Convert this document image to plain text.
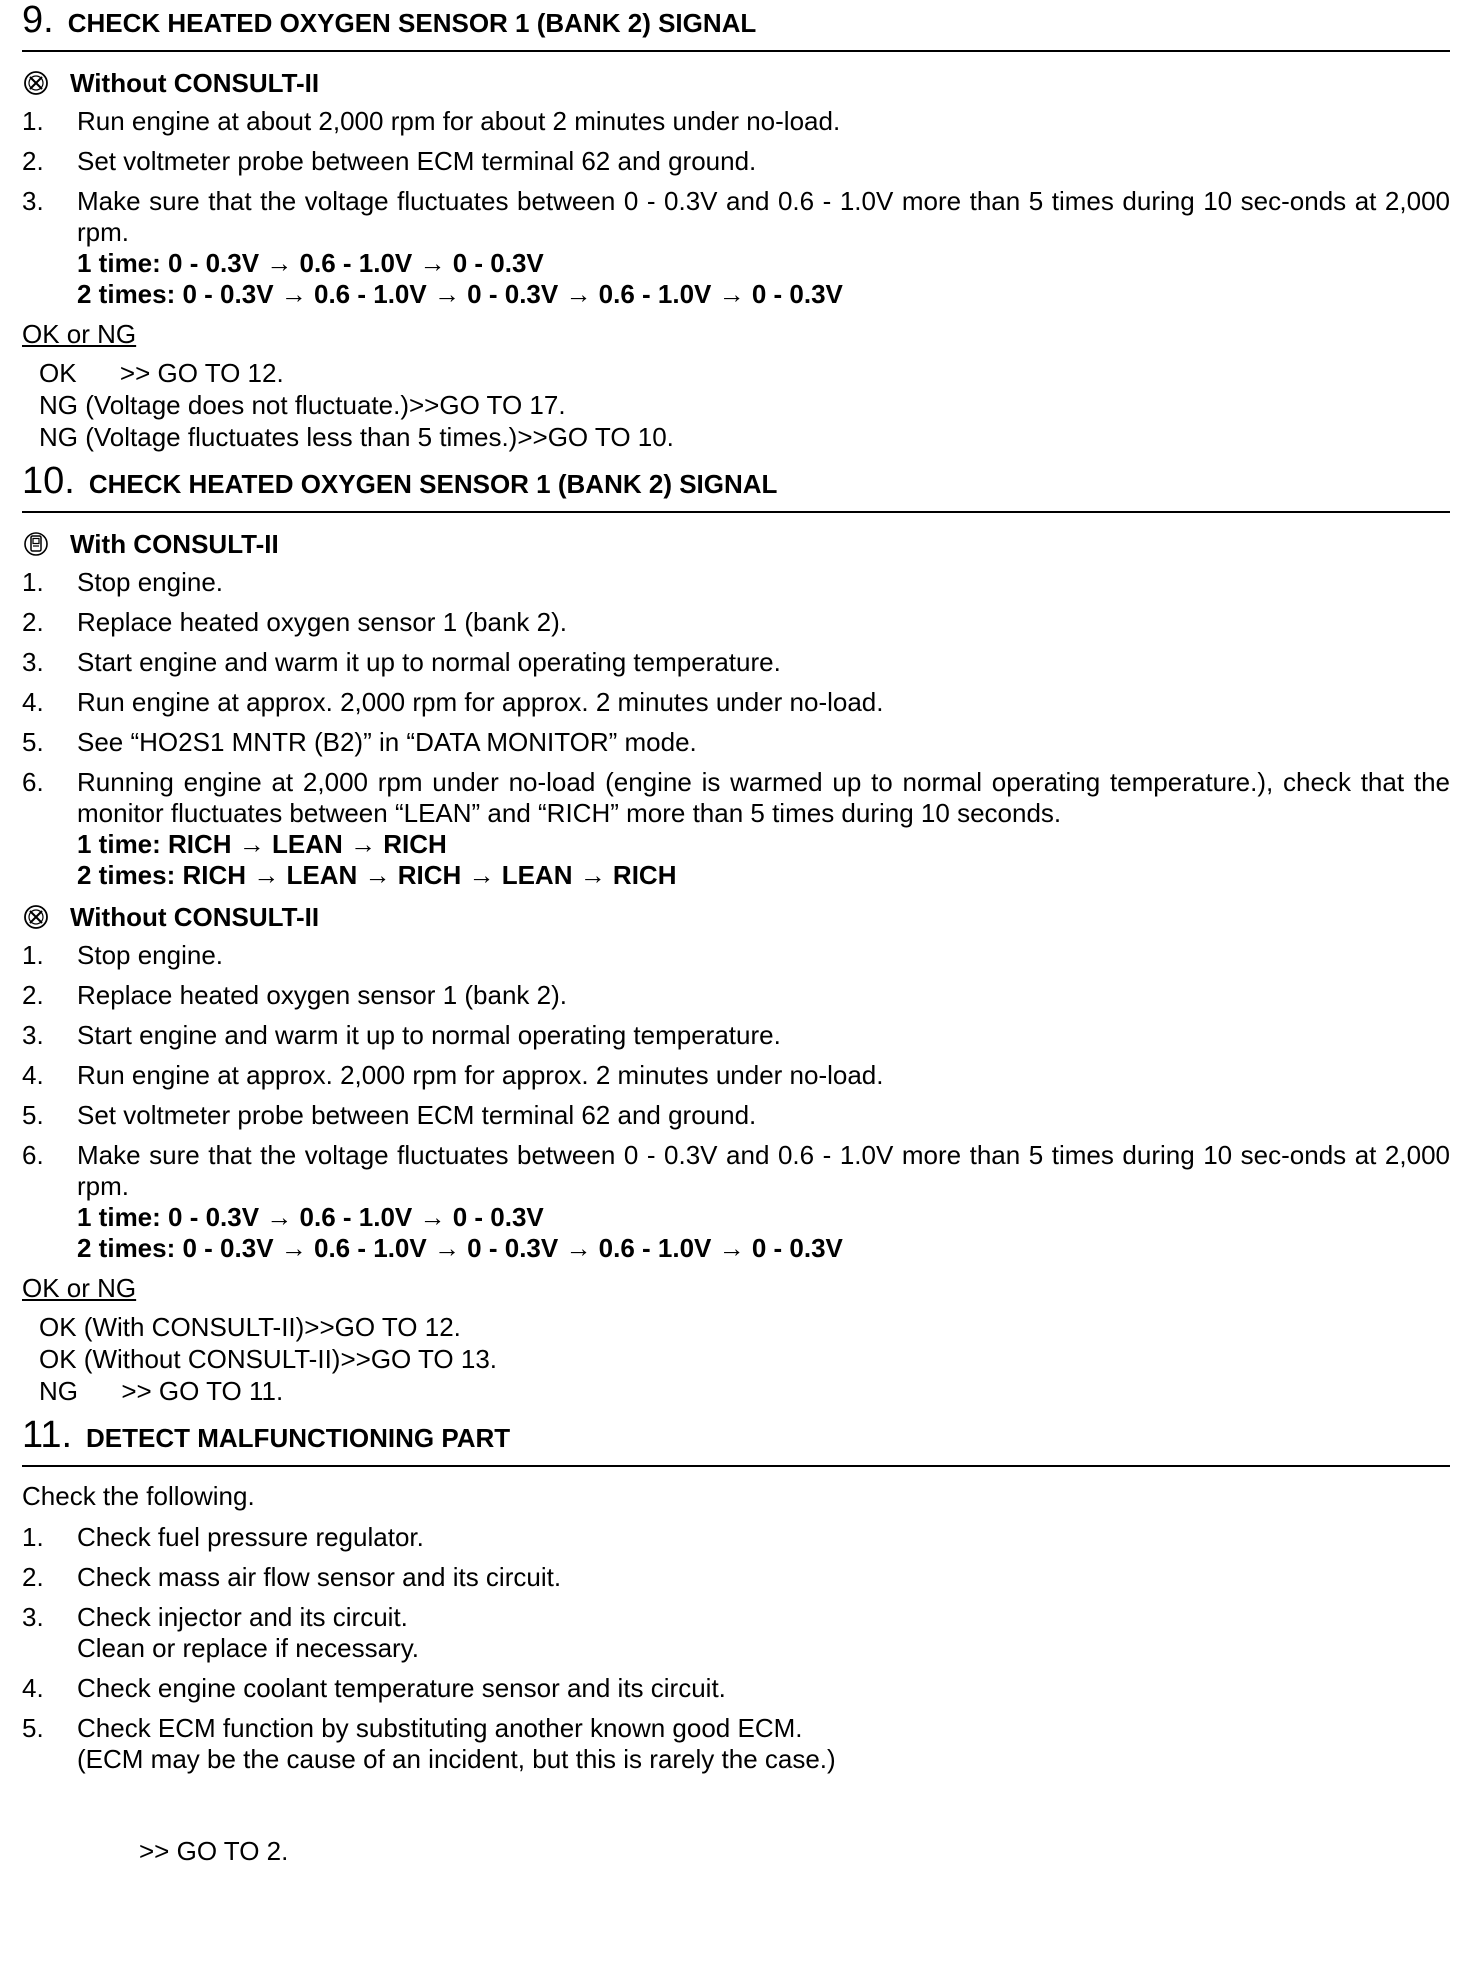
9. CHECK HEATED OXYGEN SENSOR 1 (BANK 2) SIGNAL
Without CONSULT-II
1.	Run engine at about 2,000 rpm for about 2 minutes under no-load.
2.	Set voltmeter probe between ECM terminal 62 and ground.
3.	Make sure that the voltage fluctuates between 0 - 0.3V and 0.6 - 1.0V more than 5 times during 10 sec-onds at 2,000 rpm.
1 time: 0 - 0.3V → 0.6 - 1.0V → 0 - 0.3V
2 times: 0 - 0.3V → 0.6 - 1.0V → 0 - 0.3V → 0.6 - 1.0V → 0 - 0.3V
OK or NG
OK      >> GO TO 12.
NG (Voltage does not fluctuate.)>>GO TO 17.
NG (Voltage fluctuates less than 5 times.)>>GO TO 10.
10. CHECK HEATED OXYGEN SENSOR 1 (BANK 2) SIGNAL
With CONSULT-II
1.	Stop engine.
2.	Replace heated oxygen sensor 1 (bank 2).
3.	Start engine and warm it up to normal operating temperature.
4.	Run engine at approx. 2,000 rpm for approx. 2 minutes under no-load.
5.	See “HO2S1 MNTR (B2)” in “DATA MONITOR” mode.
6.	Running engine at 2,000 rpm under no-load (engine is warmed up to normal operating temperature.), check that the monitor fluctuates between “LEAN” and “RICH” more than 5 times during 10 seconds.
1 time: RICH → LEAN → RICH
2 times: RICH → LEAN → RICH → LEAN → RICH
Without CONSULT-II
1.	Stop engine.
2.	Replace heated oxygen sensor 1 (bank 2).
3.	Start engine and warm it up to normal operating temperature.
4.	Run engine at approx. 2,000 rpm for approx. 2 minutes under no-load.
5.	Set voltmeter probe between ECM terminal 62 and ground.
6.	Make sure that the voltage fluctuates between 0 - 0.3V and 0.6 - 1.0V more than 5 times during 10 sec-onds at 2,000 rpm.
1 time: 0 - 0.3V → 0.6 - 1.0V → 0 - 0.3V
2 times: 0 - 0.3V → 0.6 - 1.0V → 0 - 0.3V → 0.6 - 1.0V → 0 - 0.3V
OK or NG
OK (With CONSULT-II)>>GO TO 12.
OK (Without CONSULT-II)>>GO TO 13.
NG      >> GO TO 11.
11. DETECT MALFUNCTIONING PART
Check the following.
1.	Check fuel pressure regulator.
2.	Check mass air flow sensor and its circuit.
3.	Check injector and its circuit.
Clean or replace if necessary.
4.	Check engine coolant temperature sensor and its circuit.
5.	Check ECM function by substituting another known good ECM.
(ECM may be the cause of an incident, but this is rarely the case.)
>> GO TO 2.
